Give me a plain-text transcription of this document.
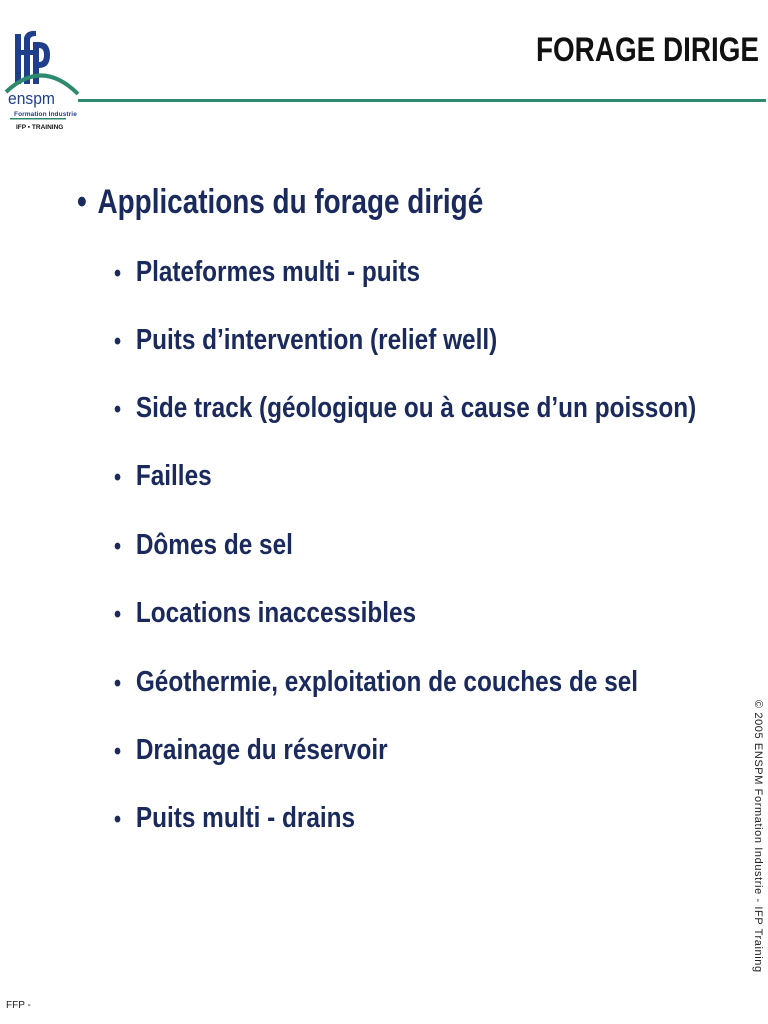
enspm
Formation Industrie
IFP ▪ TRAINING
FORAGE DIRIGE
• Applications du forage dirigé
• Plateformes multi - puits
• Puits d’intervention (relief well)
• Side track (géologique ou à cause d’un poisson)
• Failles
• Dômes de sel
• Locations inaccessibles
• Géothermie, exploitation de couches de sel
• Drainage du réservoir
• Puits multi - drains	© 2005 ENSPM Formation Industrie - IFP Training
FFP -
